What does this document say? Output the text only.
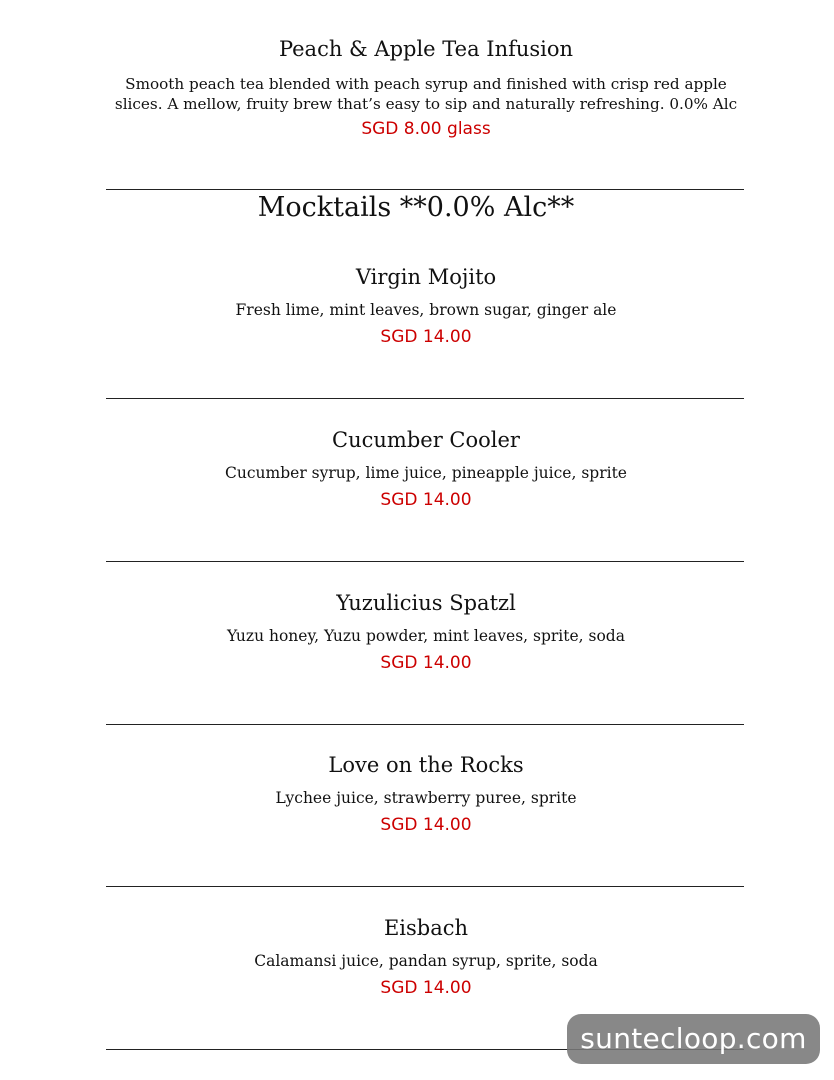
Peach & Apple Tea Infusion

Smooth peach tea blended with peach syrup and finished with crisp red apple slices. A mellow, fruity brew that’s easy to sip and naturally refreshing. 0.0% Alc

SGD 8.00 glass

Mocktails **0.0% Alc**
Virgin Mojito

Fresh lime, mint leaves, brown sugar, ginger ale

SGD 14.00

Cucumber Cooler

Cucumber syrup, lime juice, pineapple juice, sprite

SGD 14.00

Yuzulicius Spatzl

Yuzu honey, Yuzu powder, mint leaves, sprite, soda

SGD 14.00

Love on the Rocks

Lychee juice, strawberry puree, sprite

SGD 14.00

Eisbach

Calamansi juice, pandan syrup, sprite, soda

SGD 14.00

suntecloop.com
